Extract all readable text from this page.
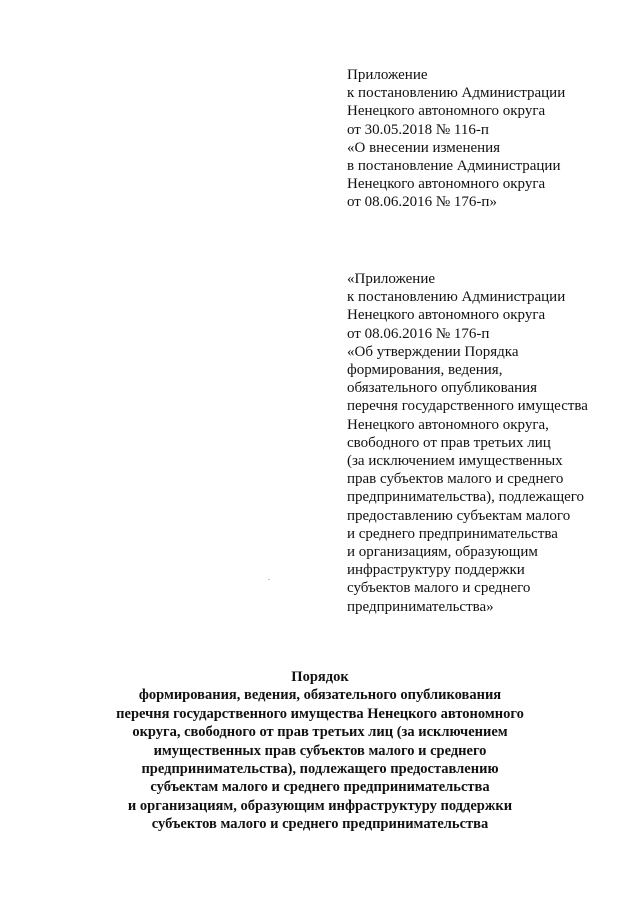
Приложение
к постановлению Администрации
Ненецкого автономного округа
от 30.05.2018 № 116-п
«О внесении изменения
в постановление Администрации
Ненецкого автономного округа
от 08.06.2016 № 176-п»
«Приложение
к постановлению Администрации
Ненецкого автономного округа
от 08.06.2016 № 176-п
«Об утверждении Порядка
формирования, ведения,
обязательного опубликования
перечня государственного имущества
Ненецкого автономного округа,
свободного от прав третьих лиц
(за исключением имущественных
прав субъектов малого и среднего
предпринимательства), подлежащего
предоставлению субъектам малого
и среднего предпринимательства
и организациям, образующим
инфраструктуру поддержки
субъектов малого и среднего
предпринимательства»
Порядок
формирования, ведения, обязательного опубликования
перечня государственного имущества Ненецкого автономного
округа, свободного от прав третьих лиц (за исключением
имущественных прав субъектов малого и среднего
предпринимательства), подлежащего предоставлению
субъектам малого и среднего предпринимательства
и организациям, образующим инфраструктуру поддержки
субъектов малого и среднего предпринимательства
